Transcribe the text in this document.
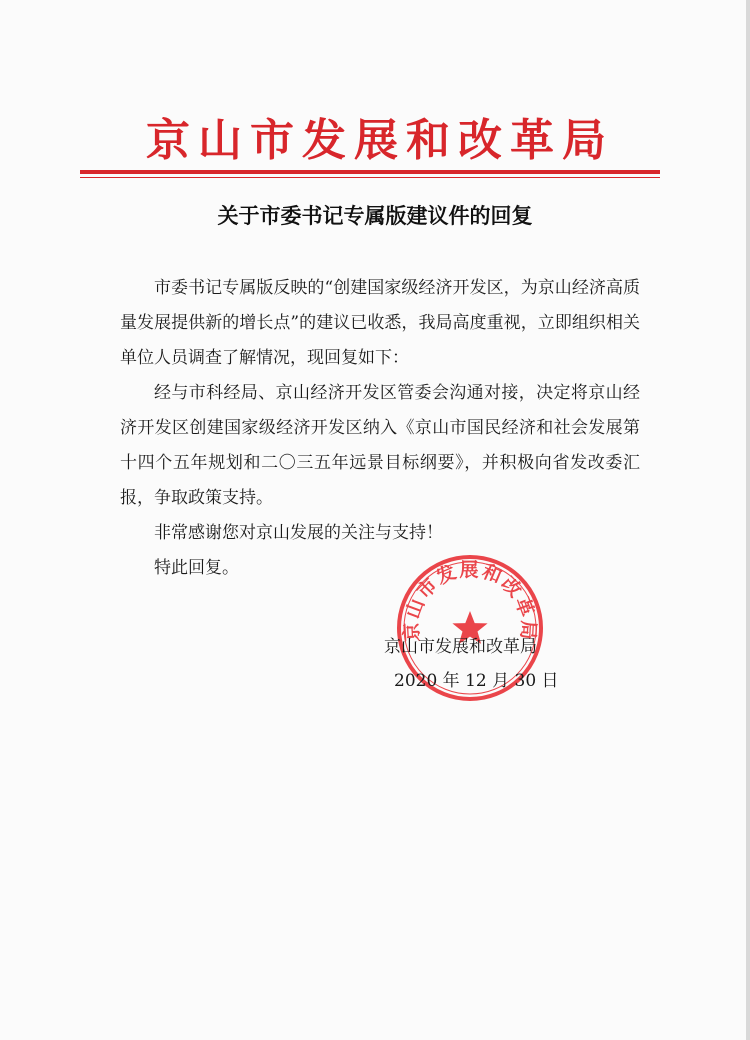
京山市发展和改革局
关于市委书记专属版建议件的回复

市委书记专属版反映的“创建国家级经济开发区，为京山经济高质量发展提供新的增长点”的建议已收悉，我局高度重视，立即组织相关单位人员调查了解情况，现回复如下：

经与市科经局、京山经济开发区管委会沟通对接，决定将京山经济开发区创建国家级经济开发区纳入《京山市国民经济和社会发展第十四个五年规划和二〇三五年远景目标纲要》，并积极向省发改委汇报，争取政策支持。

非常感谢您对京山发展的关注与支持！

特此回复。

京山市发展和改革局
京山市发展和改革局
2020 年 12 月 30 日
